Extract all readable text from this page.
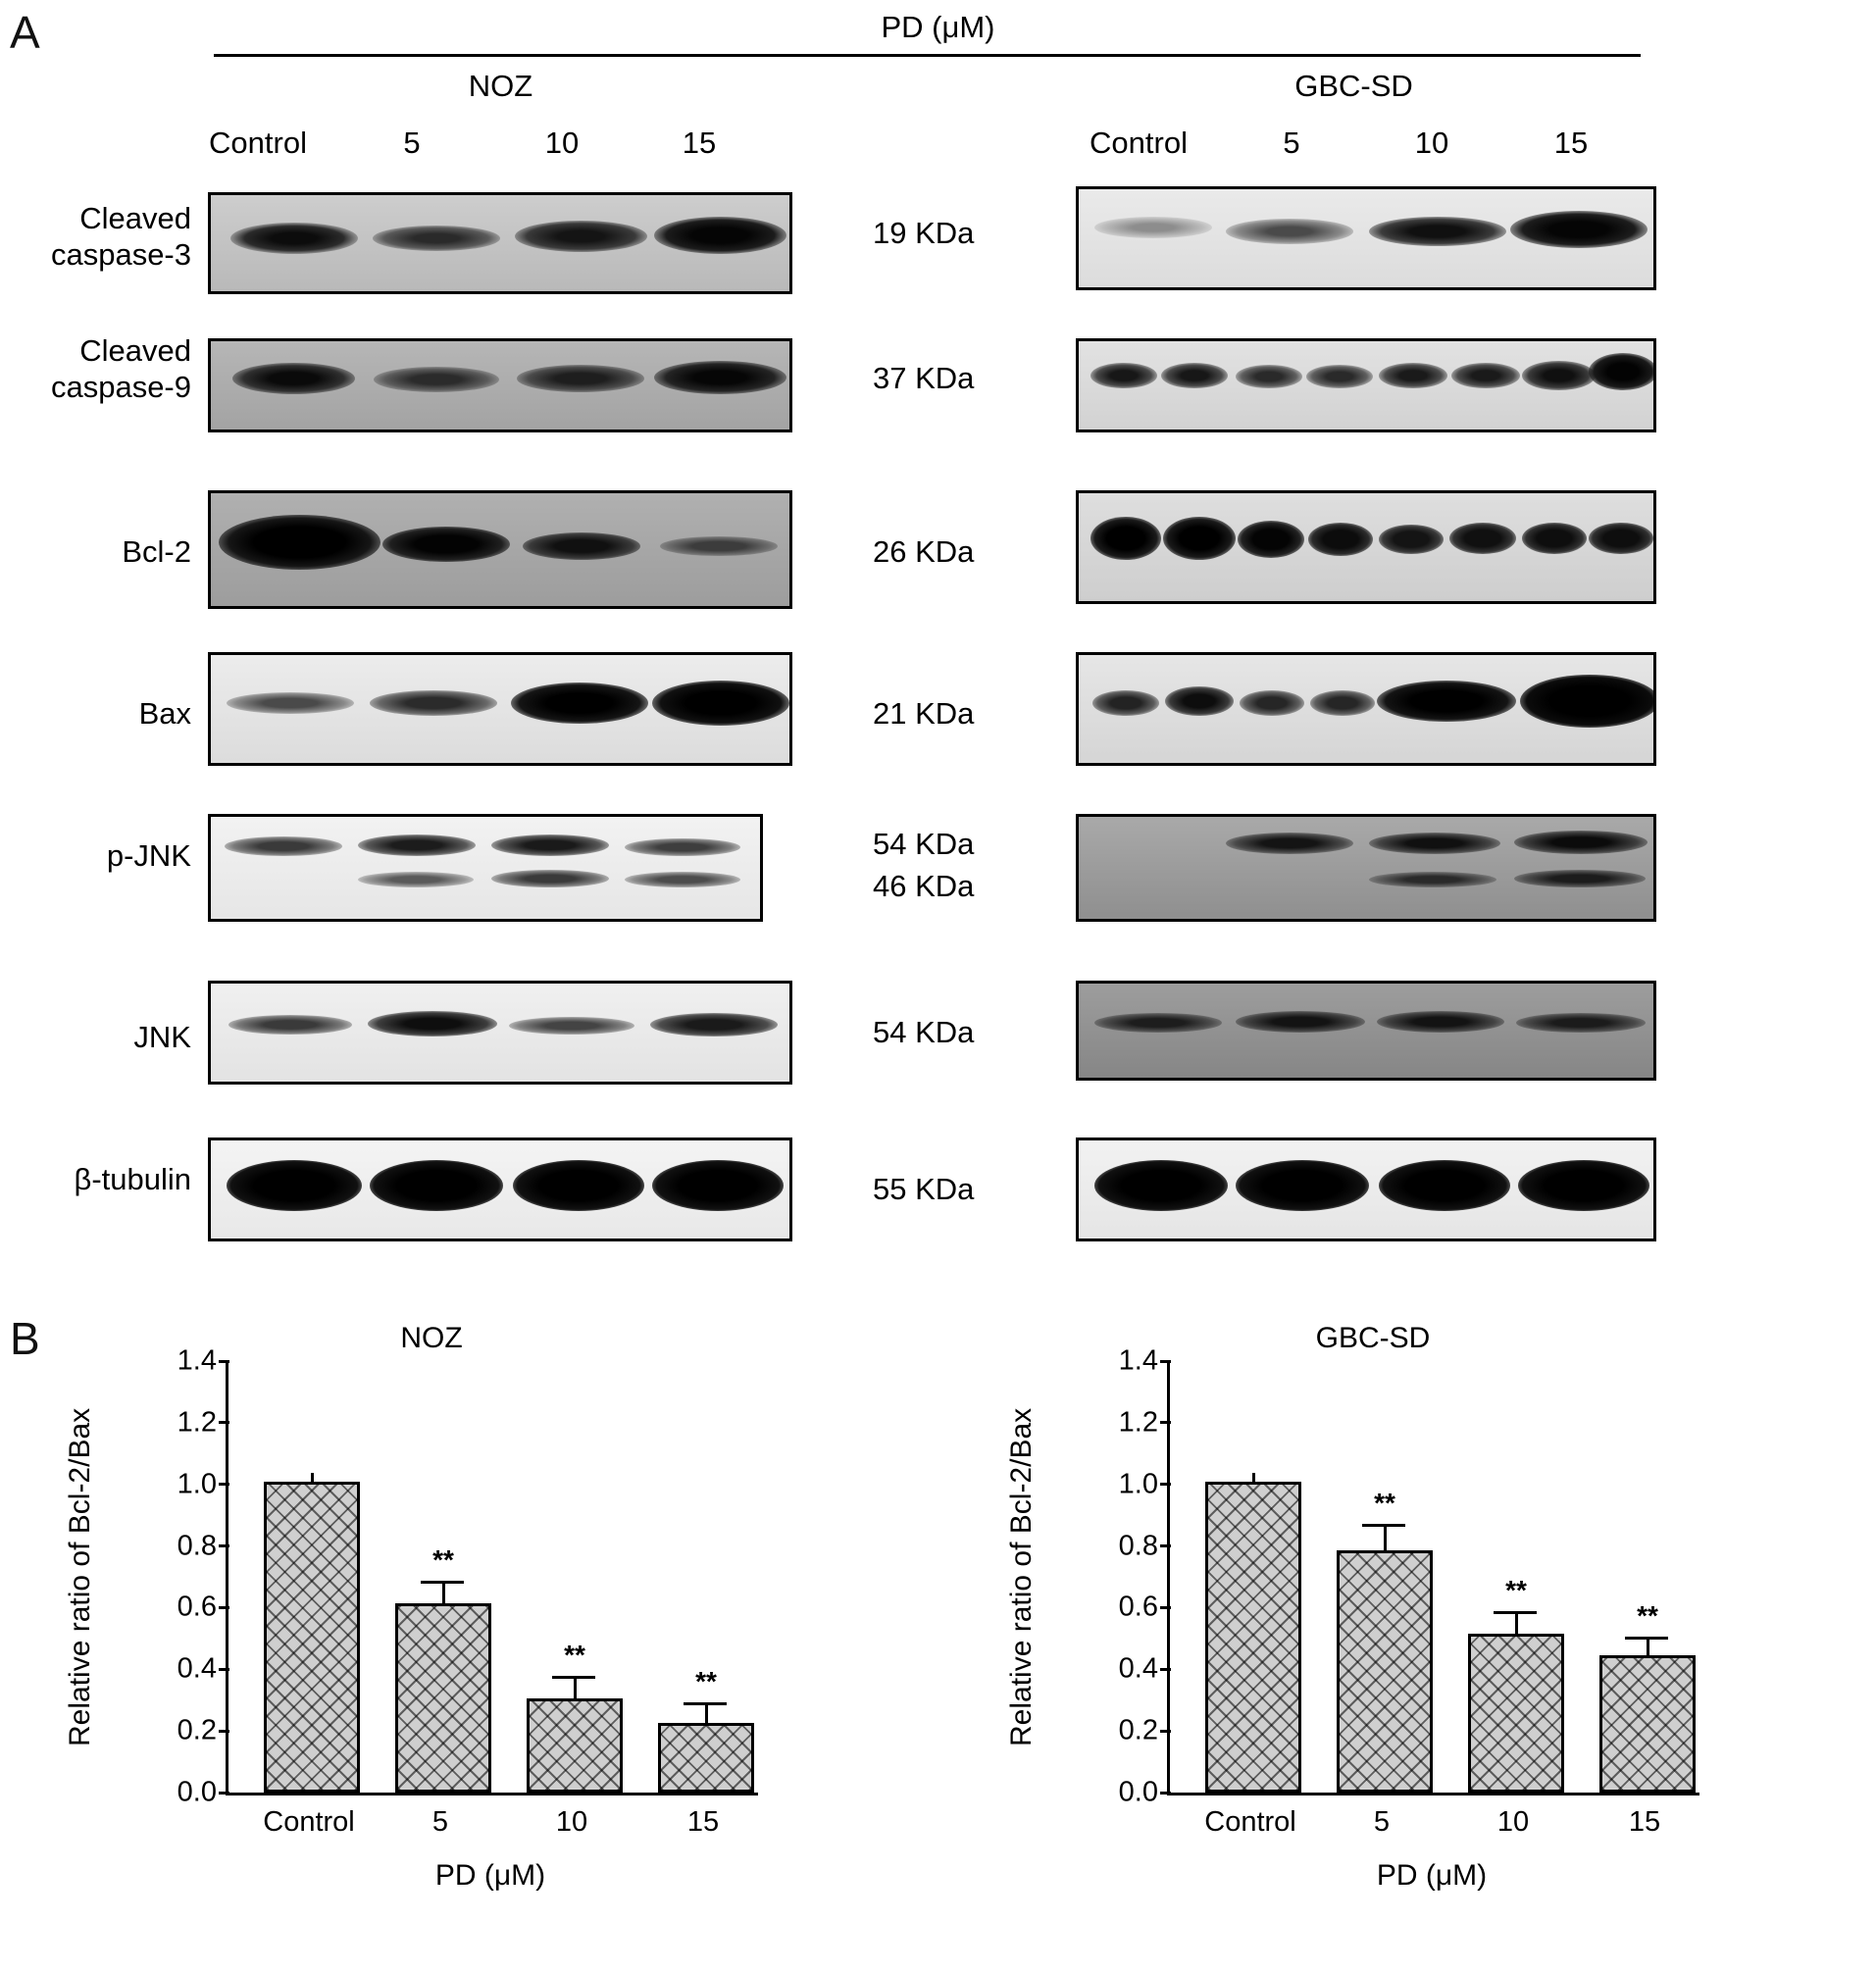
A	PD (μM)
NOZ	GBC-SD
Control	5	10	15	Control	5	10	15
Cleaved
caspase-3
19 KDa
Cleaved
caspase-9	37 KDa
Bcl-2	26 KDa
Bax	21 KDa
p-JNK	54 KDa
46 KDa
JNK	54 KDa
β-tubulin	55 KDa
B	NOZ
Relative ratio of Bcl-2/Bax
0.0
0.2
0.4
0.6
0.8
1.0
1.2
1.4
**
**
**
Control	5	10	15
PD (μM)
GBC-SD
Relative ratio of Bcl-2/Bax
0.0
0.2
0.4
0.6
0.8
1.0
1.2
1.4
**
**
**
Control	5	10	15
PD (μM)
